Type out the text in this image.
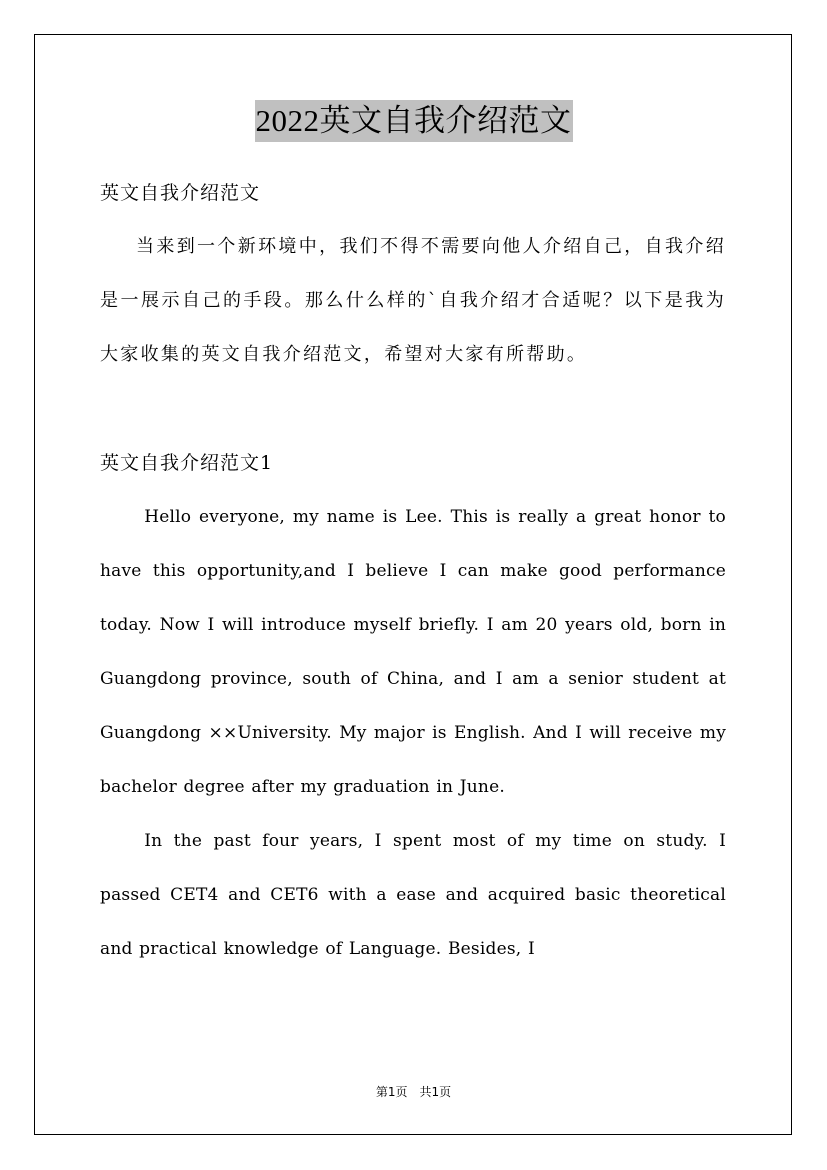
2022英文自我介绍范文

英文自我介绍范文

当来到一个新环境中，我们不得不需要向他人介绍自己，自我介绍是一展示自己的手段。那么什么样的`自我介绍才合适呢？以下是我为大家收集的英文自我介绍范文，希望对大家有所帮助。

英文自我介绍范文1

Hello everyone, my name is Lee. This is really a great honor to have this opportunity,and I believe I can make good performance today. Now I will introduce myself briefly. I am 20 years old, born in Guangdong province, south of China, and I am a senior student at Guangdong ××University. My major is English. And I will receive my bachelor degree after my graduation in June.

In the past four years, I spent most of my time on study. I passed CET4 and CET6 with a ease and acquired basic theoretical and practical knowledge of Language. Besides, I

第1页 共1页
